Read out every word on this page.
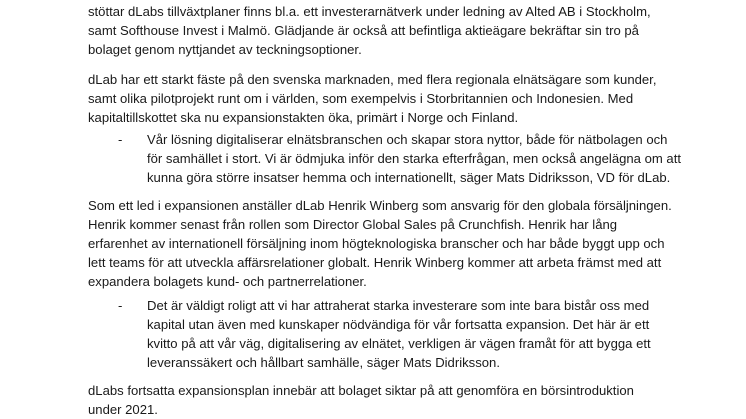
stöttar dLabs tillväxtplaner finns bl.a. ett investerarnätverk under ledning av Alted AB i Stockholm,
samt Softhouse Invest i Malmö. Glädjande är också att befintliga aktieägare bekräftar sin tro på
bolaget genom nyttjandet av teckningsoptioner.
dLab har ett starkt fäste på den svenska marknaden, med flera regionala elnätsägare som kunder,
samt olika pilotprojekt runt om i världen, som exempelvis i Storbritannien och Indonesien. Med
kapitaltillskottet ska nu expansionstakten öka, primärt i Norge och Finland.
- Vår lösning digitaliserar elnätsbranschen och skapar stora nyttor, både för nätbolagen och
för samhället i stort. Vi är ödmjuka inför den starka efterfrågan, men också angelägna om att
kunna göra större insatser hemma och internationellt, säger Mats Didriksson, VD för dLab.
Som ett led i expansionen anställer dLab Henrik Winberg som ansvarig för den globala försäljningen.
Henrik kommer senast från rollen som Director Global Sales på Crunchfish. Henrik har lång
erfarenhet av internationell försäljning inom högteknologiska branscher och har både byggt upp och
lett teams för att utveckla affärsrelationer globalt. Henrik Winberg kommer att arbeta främst med att
expandera bolagets kund- och partnerrelationer.
- Det är väldigt roligt att vi har attraherat starka investerare som inte bara bistår oss med
kapital utan även med kunskaper nödvändiga för vår fortsatta expansion. Det här är ett
kvitto på att vår väg, digitalisering av elnätet, verkligen är vägen framåt för att bygga ett
leveranssäkert och hållbart samhälle, säger Mats Didriksson.
dLabs fortsatta expansionsplan innebär att bolaget siktar på att genomföra en börsintroduktion
under 2021.
